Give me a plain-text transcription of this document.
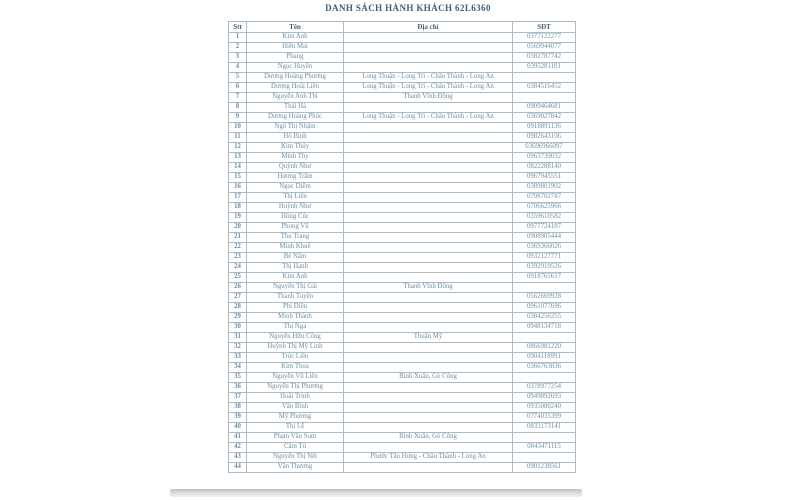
DANH SÁCH HÀNH KHÁCH 62L6360
Stt	Tên	Địa chỉ	SĐT
1	Kim Anh		0377122277
2	Hiền Mai		0569944077
3	Phang		0382787742
4	Ngọc Huyền		0395281101
5	Dương Hoàng Phương	Long Thuận - Long Trì - Châu Thành - Long An	
6	Dương Hoài Liên	Long Thuận - Long Trì - Châu Thành - Long An	0384516452
7	Nguyễn Anh Thi	Thanh Vĩnh Đông	
8	Thái Hà		0909464681
9	Dương Hoàng Phúc	Long Thuận - Long Trì - Châu Thành - Long An	0369027842
10	Ngô Thị Nhậm		0918891136
11	Hồ Bình		0982643106
12	Kim Thúy		03696966097
13	Minh Thy		0963739032
14	Quỳnh Như		0822288140
15	Hương Trâm		0967945551
16	Ngọc Diễm		0389801902
17	Thị Liên		0798702787
18	Huỳnh Như		0706625966
19	Hồng Cúc		0359610582
20	Phong Vũ		0977724187
21	Thu Trang		0908905444
22	Minh Khuê		0369366026
23	Bé Năm		0932127771
24	Thị Hạnh		0392919526
25	Kim Anh		0918765617
26	Nguyễn Thị Gái	Thanh Vĩnh Đông	
27	Thanh Tuyền		0562669928
28	Phi Điền		0961077696
29	Minh Thành		0384256255
30	Thị Nga		0948134718
31	Nguyễn Hữu Công	Thuận Mỹ	
32	Huỳnh Thị Mỹ Linh		0866981220
33	Trúc Liên		0904118991
34	Kim Thoa		0366763836
35	Nguyễn Vũ Liên	Bình Xuân, Gò Công	
36	Nguyễn Thị Phương		0378977254
37	Hoài Trinh		0949892693
38	Văn Bình		0935080240
39	Mỹ Phương		0774035399
40	Thị Lệ		0833173141
41	Phạm Văn Sum	Bình Xuân, Gò Công	
42	Cẩm Tú		0843471115
43	Nguyễn Thị Nết	Phước Tân Hưng - Châu Thành - Long An	
44	Văn Thương		0901238561
